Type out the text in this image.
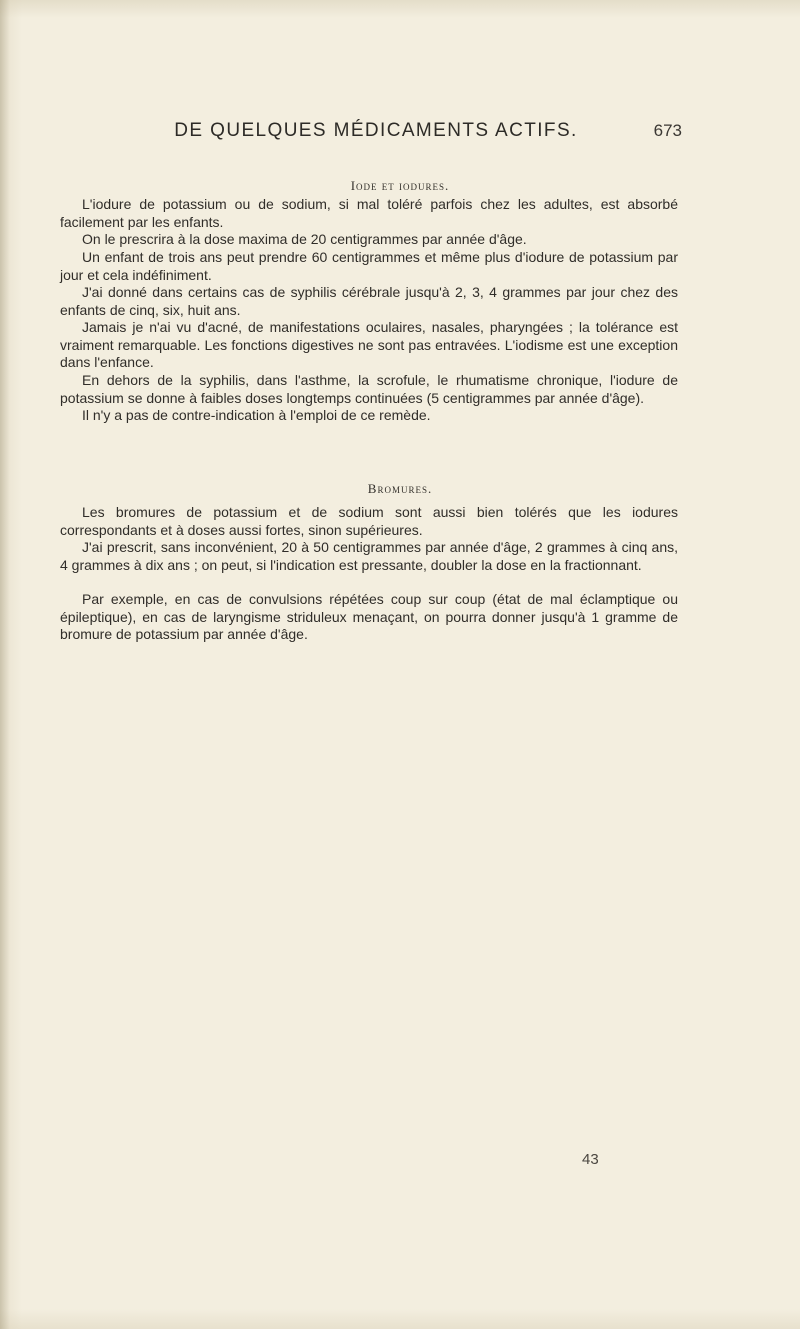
DE QUELQUES MÉDICAMENTS ACTIFS.	673
Iode et iodures.

L'iodure de potassium ou de sodium, si mal toléré parfois chez les adultes, est absorbé facilement par les enfants.

On le prescrira à la dose maxima de 20 centigrammes par année d'âge.

Un enfant de trois ans peut prendre 60 centigrammes et même plus d'iodure de potassium par jour et cela indéfiniment.

J'ai donné dans certains cas de syphilis cérébrale jusqu'à 2, 3, 4 grammes par jour chez des enfants de cinq, six, huit ans.

Jamais je n'ai vu d'acné, de manifestations oculaires, nasales, pharyngées ; la tolérance est vraiment remarquable. Les fonctions digestives ne sont pas entravées. L'iodisme est une exception dans l'enfance.

En dehors de la syphilis, dans l'asthme, la scrofule, le rhumatisme chronique, l'iodure de potassium se donne à faibles doses longtemps continuées (5 centigrammes par année d'âge).

Il n'y a pas de contre-indication à l'emploi de ce remède.

Bromures.

Les bromures de potassium et de sodium sont aussi bien tolérés que les iodures correspondants et à doses aussi fortes, sinon supérieures.

J'ai prescrit, sans inconvénient, 20 à 50 centigrammes par année d'âge, 2 grammes à cinq ans, 4 grammes à dix ans ; on peut, si l'indication est pressante, doubler la dose en la fractionnant.

Par exemple, en cas de convulsions répétées coup sur coup (état de mal éclamptique ou épileptique), en cas de laryngisme striduleux menaçant, on pourra donner jusqu'à 1 gramme de bromure de potassium par année d'âge.

43
